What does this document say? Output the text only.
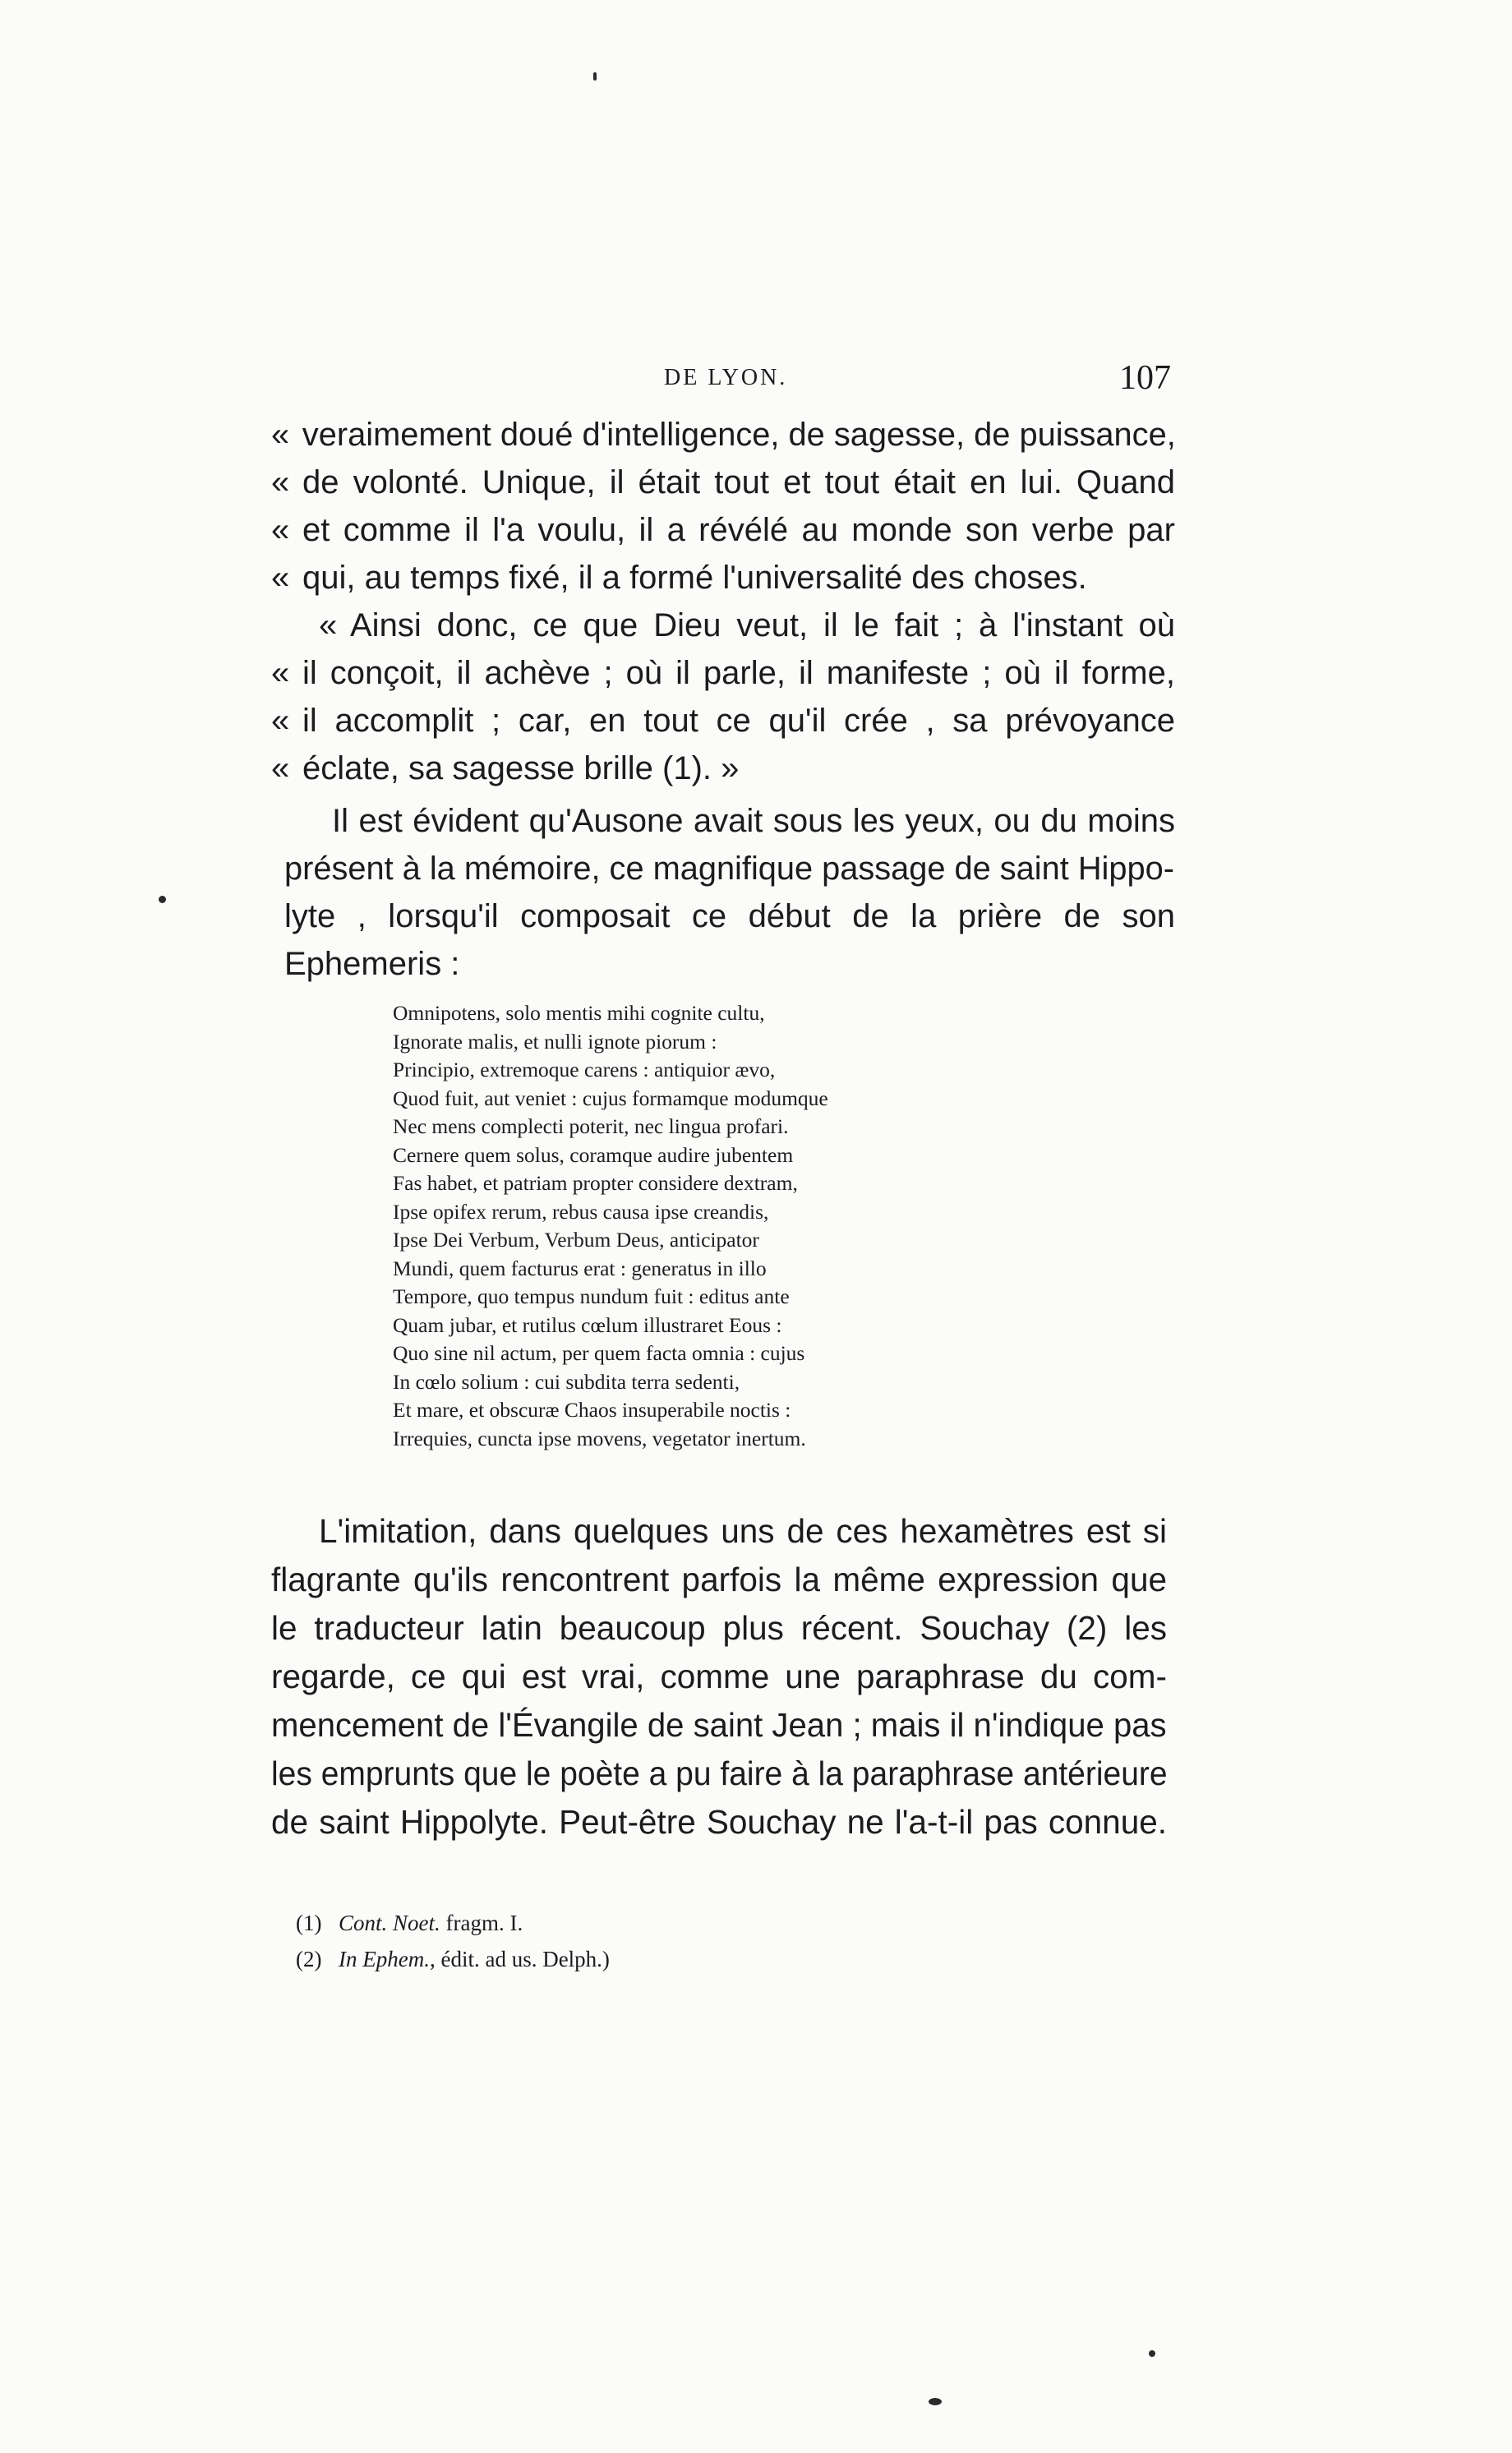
DE LYON.	107
« veraimement doué d'intelligence, de sagesse, de puissance,
« de volonté. Unique, il était tout et tout était en lui. Quand
« et comme il l'a voulu, il a révélé au monde son verbe par
« qui, au temps fixé, il a formé l'universalité des choses.
« Ainsi donc, ce que Dieu veut, il le fait ; à l'instant où
« il conçoit, il achève ; où il parle, il manifeste ; où il forme,
« il accomplit ; car, en tout ce qu'il crée , sa prévoyance
« éclate, sa sagesse brille (1). »
Il est évident qu'Ausone avait sous les yeux, ou du moins
présent à la mémoire, ce magnifique passage de saint Hippo-
lyte , lorsqu'il composait ce début de la prière de son
Ephemeris :
Omnipotens, solo mentis mihi cognite cultu,
Ignorate malis, et nulli ignote piorum :
Principio, extremoque carens : antiquior ævo,
Quod fuit, aut veniet : cujus formamque modumque
Nec mens complecti poterit, nec lingua profari.
Cernere quem solus, coramque audire jubentem
Fas habet, et patriam propter considere dextram,
Ipse opifex rerum, rebus causa ipse creandis,
Ipse Dei Verbum, Verbum Deus, anticipator
Mundi, quem facturus erat : generatus in illo
Tempore, quo tempus nundum fuit : editus ante
Quam jubar, et rutilus cœlum illustraret Eous :
Quo sine nil actum, per quem facta omnia : cujus
In cœlo solium : cui subdita terra sedenti,
Et mare, et obscuræ Chaos insuperabile noctis :
Irrequies, cuncta ipse movens, vegetator inertum.
L'imitation, dans quelques uns de ces hexamètres est si
flagrante qu'ils rencontrent parfois la même expression que
le traducteur latin beaucoup plus récent. Souchay (2) les
regarde, ce qui est vrai, comme une paraphrase du com-
mencement de l'Évangile de saint Jean ; mais il n'indique pas
les emprunts que le poète a pu faire à la paraphrase antérieure
de saint Hippolyte. Peut-être Souchay ne l'a-t-il pas connue.
(1) Cont. Noet. fragm. I.
(2) In Ephem., édit. ad us. Delph.)
